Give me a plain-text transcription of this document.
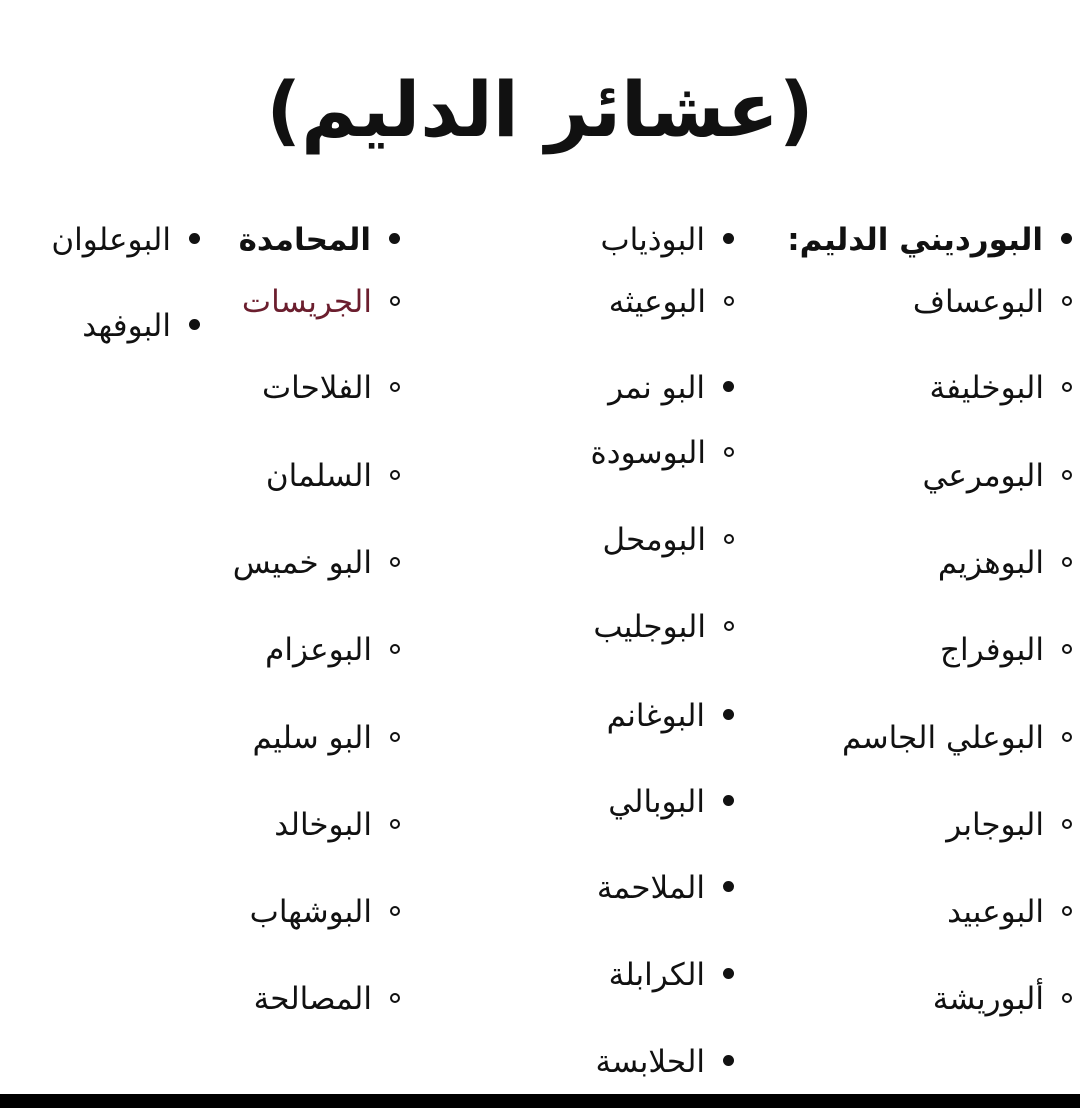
(عشائر الدليم)
البورديني الدليم:
البوعساف
البوخليفة
البومرعي
البوهزيم
البوفراج
البوعلي الجاسم
البوجابر
البوعبيد
ألبوريشة
البوذياب
البوعيثه
البو نمر
البوسودة
البومحل
البوجليب
البوغانم
البوبالي
الملاحمة
الكرابلة
الحلابسة
المحامدة
الجريسات
الفلاحات
السلمان
البو خميس
البوعزام
البو سليم
البوخالد
البوشهاب
المصالحة
البوعلوان
البوفهد
